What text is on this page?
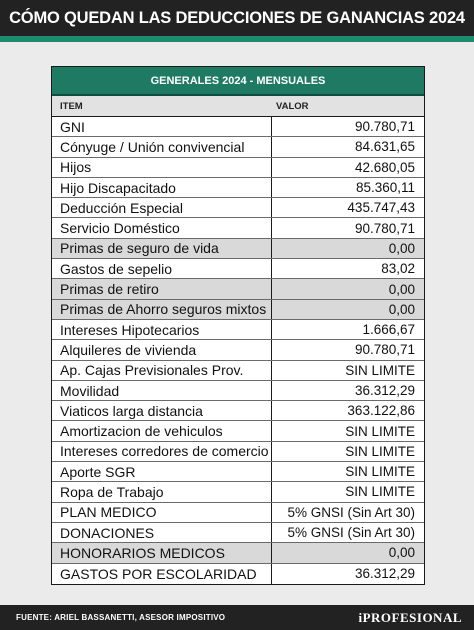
CÓMO QUEDAN LAS DEDUCCIONES DE GANANCIAS 2024
GENERALES 2024 - MENSUALES
ITEM	VALOR
GNI	90.780,71
Cónyuge / Unión convivencial	84.631,65
Hijos	42.680,05
Hijo Discapacitado	85.360,11
Deducción Especial	435.747,43
Servicio Doméstico	90.780,71
Primas de seguro de vida	0,00
Gastos de sepelio	83,02
Primas de retiro	0,00
Primas de Ahorro seguros mixtos	0,00
Intereses Hipotecarios	1.666,67
Alquileres de vivienda	90.780,71
Ap. Cajas Previsionales Prov.	SIN LIMITE
Movilidad	36.312,29
Viaticos larga distancia	363.122,86
Amortizacion de vehiculos	SIN LIMITE
Intereses corredores de comercio	SIN LIMITE
Aporte SGR	SIN LIMITE
Ropa de Trabajo	SIN LIMITE
PLAN MEDICO	5% GNSI (Sin Art 30)
DONACIONES	5% GNSI (Sin Art 30)
HONORARIOS MEDICOS	0,00
GASTOS POR ESCOLARIDAD	36.312,29
FUENTE: ARIEL BASSANETTI, ASESOR IMPOSITIVO	iPROFESIONAL
